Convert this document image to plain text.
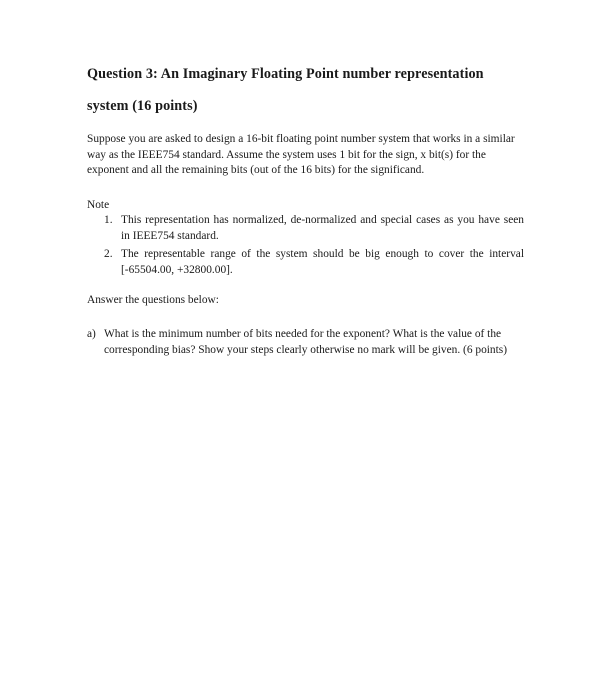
Question 3: An Imaginary Floating Point number representation
system (16 points)
Suppose you are asked to design a 16-bit floating point number system that works in a similar way as the IEEE754 standard. Assume the system uses 1 bit for the sign, x bit(s) for the exponent and all the remaining bits (out of the 16 bits) for the significand.
Note
1. This representation has normalized, de-normalized and special cases as you have seen in IEEE754 standard.
2. The representable range of the system should be big enough to cover the interval [-65504.00, +32800.00].
Answer the questions below:
a) What is the minimum number of bits needed for the exponent? What is the value of the corresponding bias? Show your steps clearly otherwise no mark will be given. (6 points)
